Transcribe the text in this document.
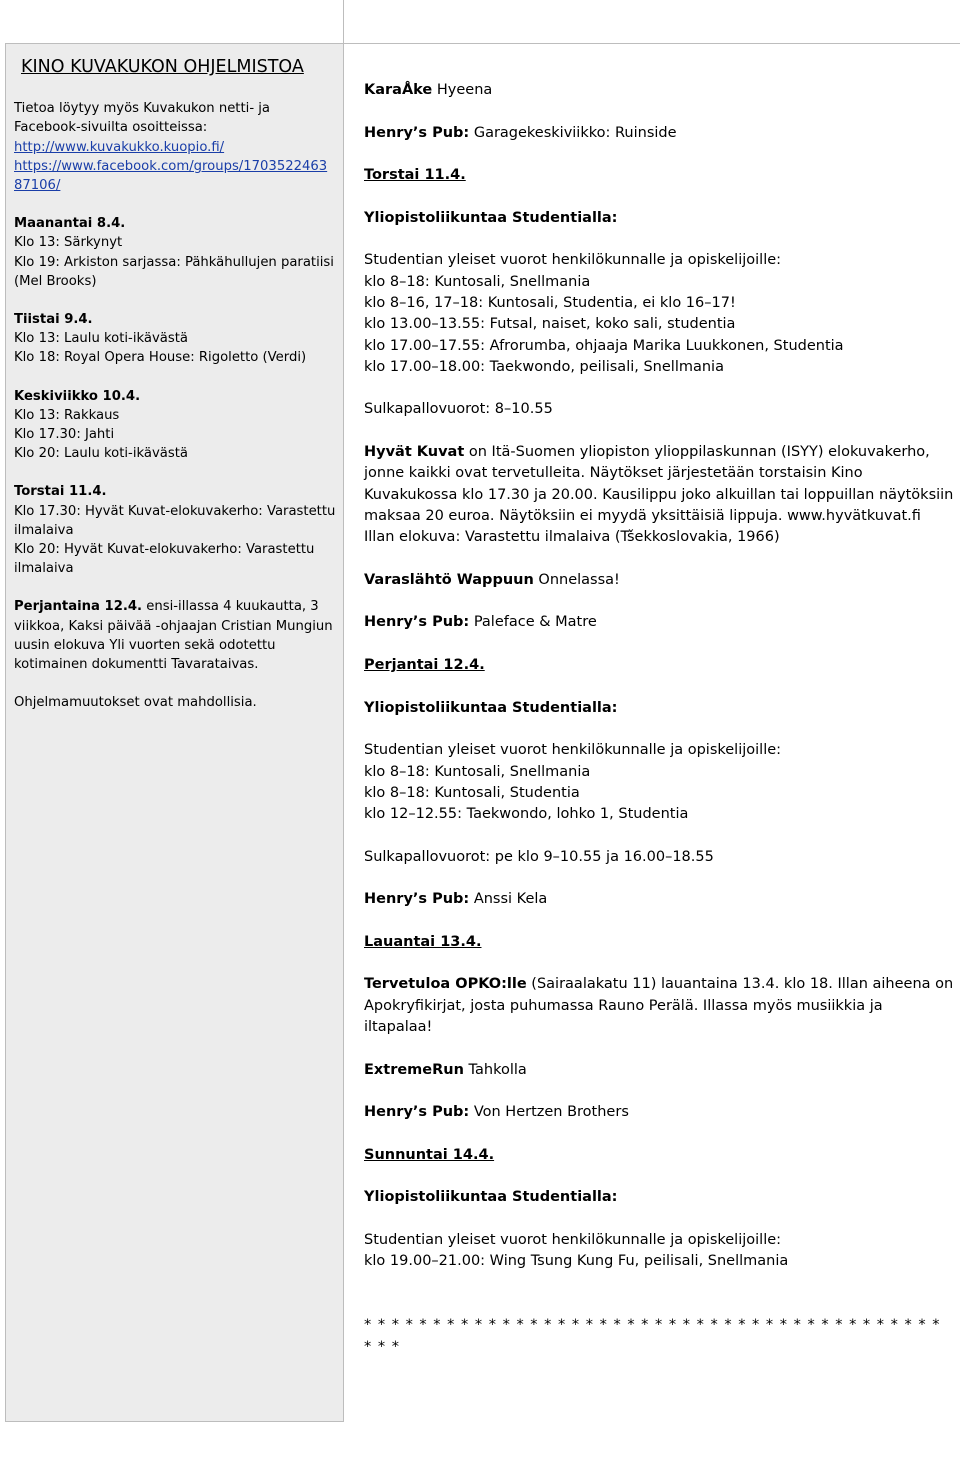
KINO KUVAKUKON OHJELMISTOA
Tietoa löytyy myös Kuvakukon netti- ja Facebook-sivuilta osoitteissa:
http://www.kuvakukko.kuopio.fi/
https://www.facebook.com/groups/1703522463
87106/
Maanantai 8.4.
Klo 13: Särkynyt
Klo 19: Arkiston sarjassa: Pähkähullujen paratiisi (Mel Brooks)
Tiistai 9.4.
Klo 13: Laulu koti-ikävästä
Klo 18: Royal Opera House: Rigoletto (Verdi)
Keskiviikko 10.4.
Klo 13: Rakkaus
Klo 17.30: Jahti
Klo 20: Laulu koti-ikävästä
Torstai 11.4.
Klo 17.30: Hyvät Kuvat-elokuvakerho: Varastettu ilmalaiva
Klo 20: Hyvät Kuvat-elokuvakerho: Varastettu ilmalaiva
Perjantaina 12.4. ensi-illassa 4 kuukautta, 3 viikkoa, Kaksi päivää -ohjaajan Cristian Mungiun uusin elokuva Yli vuorten sekä odotettu kotimainen dokumentti Tavarataivas.
Ohjelmamuutokset ovat mahdollisia.
KaraÅke Hyeena
Henry’s Pub: Garagekeskiviikko: Ruinside
Torstai 11.4.
Yliopistoliikuntaa Studentialla:
Studentian yleiset vuorot henkilökunnalle ja opiskelijoille:
klo 8–18: Kuntosali, Snellmania
klo 8–16, 17–18: Kuntosali, Studentia, ei klo 16–17!
klo 13.00–13.55: Futsal, naiset, koko sali, studentia
klo 17.00–17.55: Afrorumba, ohjaaja Marika Luukkonen, Studentia
klo 17.00–18.00: Taekwondo, peilisali, Snellmania
Sulkapallovuorot: 8–10.55
Hyvät Kuvat on Itä-Suomen yliopiston ylioppilaskunnan (ISYY) elokuvakerho,
jonne kaikki ovat tervetulleita. Näytökset järjestetään torstaisin Kino
Kuvakukossa klo 17.30 ja 20.00. Kausilippu joko alkuillan tai loppuillan näytöksiin
maksaa 20 euroa. Näytöksiin ei myydä yksittäisiä lippuja. www.hyvätkuvat.fi
Illan elokuva: Varastettu ilmalaiva (Tšekkoslovakia, 1966)
Varaslähtö Wappuun Onnelassa!
Henry’s Pub: Paleface & Matre
Perjantai 12.4.
Yliopistoliikuntaa Studentialla:
Studentian yleiset vuorot henkilökunnalle ja opiskelijoille:
klo 8–18: Kuntosali, Snellmania
klo 8–18: Kuntosali, Studentia
klo 12–12.55: Taekwondo, lohko 1, Studentia
Sulkapallovuorot: pe klo 9–10.55 ja 16.00–18.55
Henry’s Pub: Anssi Kela
Lauantai 13.4.
Tervetuloa OPKO:lle (Sairaalakatu 11) lauantaina 13.4. klo 18. Illan aiheena on
Apokryfikirjat, josta puhumassa Rauno Perälä. Illassa myös musiikkia ja iltapalaa!
ExtremeRun Tahkolla
Henry’s Pub: Von Hertzen Brothers
Sunnuntai 14.4.
Yliopistoliikuntaa Studentialla:
Studentian yleiset vuorot henkilökunnalle ja opiskelijoille:
klo 19.00–21.00: Wing Tsung Kung Fu, peilisali, Snellmania
* * * * * * * * * * * * * * * * * * * * * * * * * * * * * * * * * * * * * * * * * * * * *
